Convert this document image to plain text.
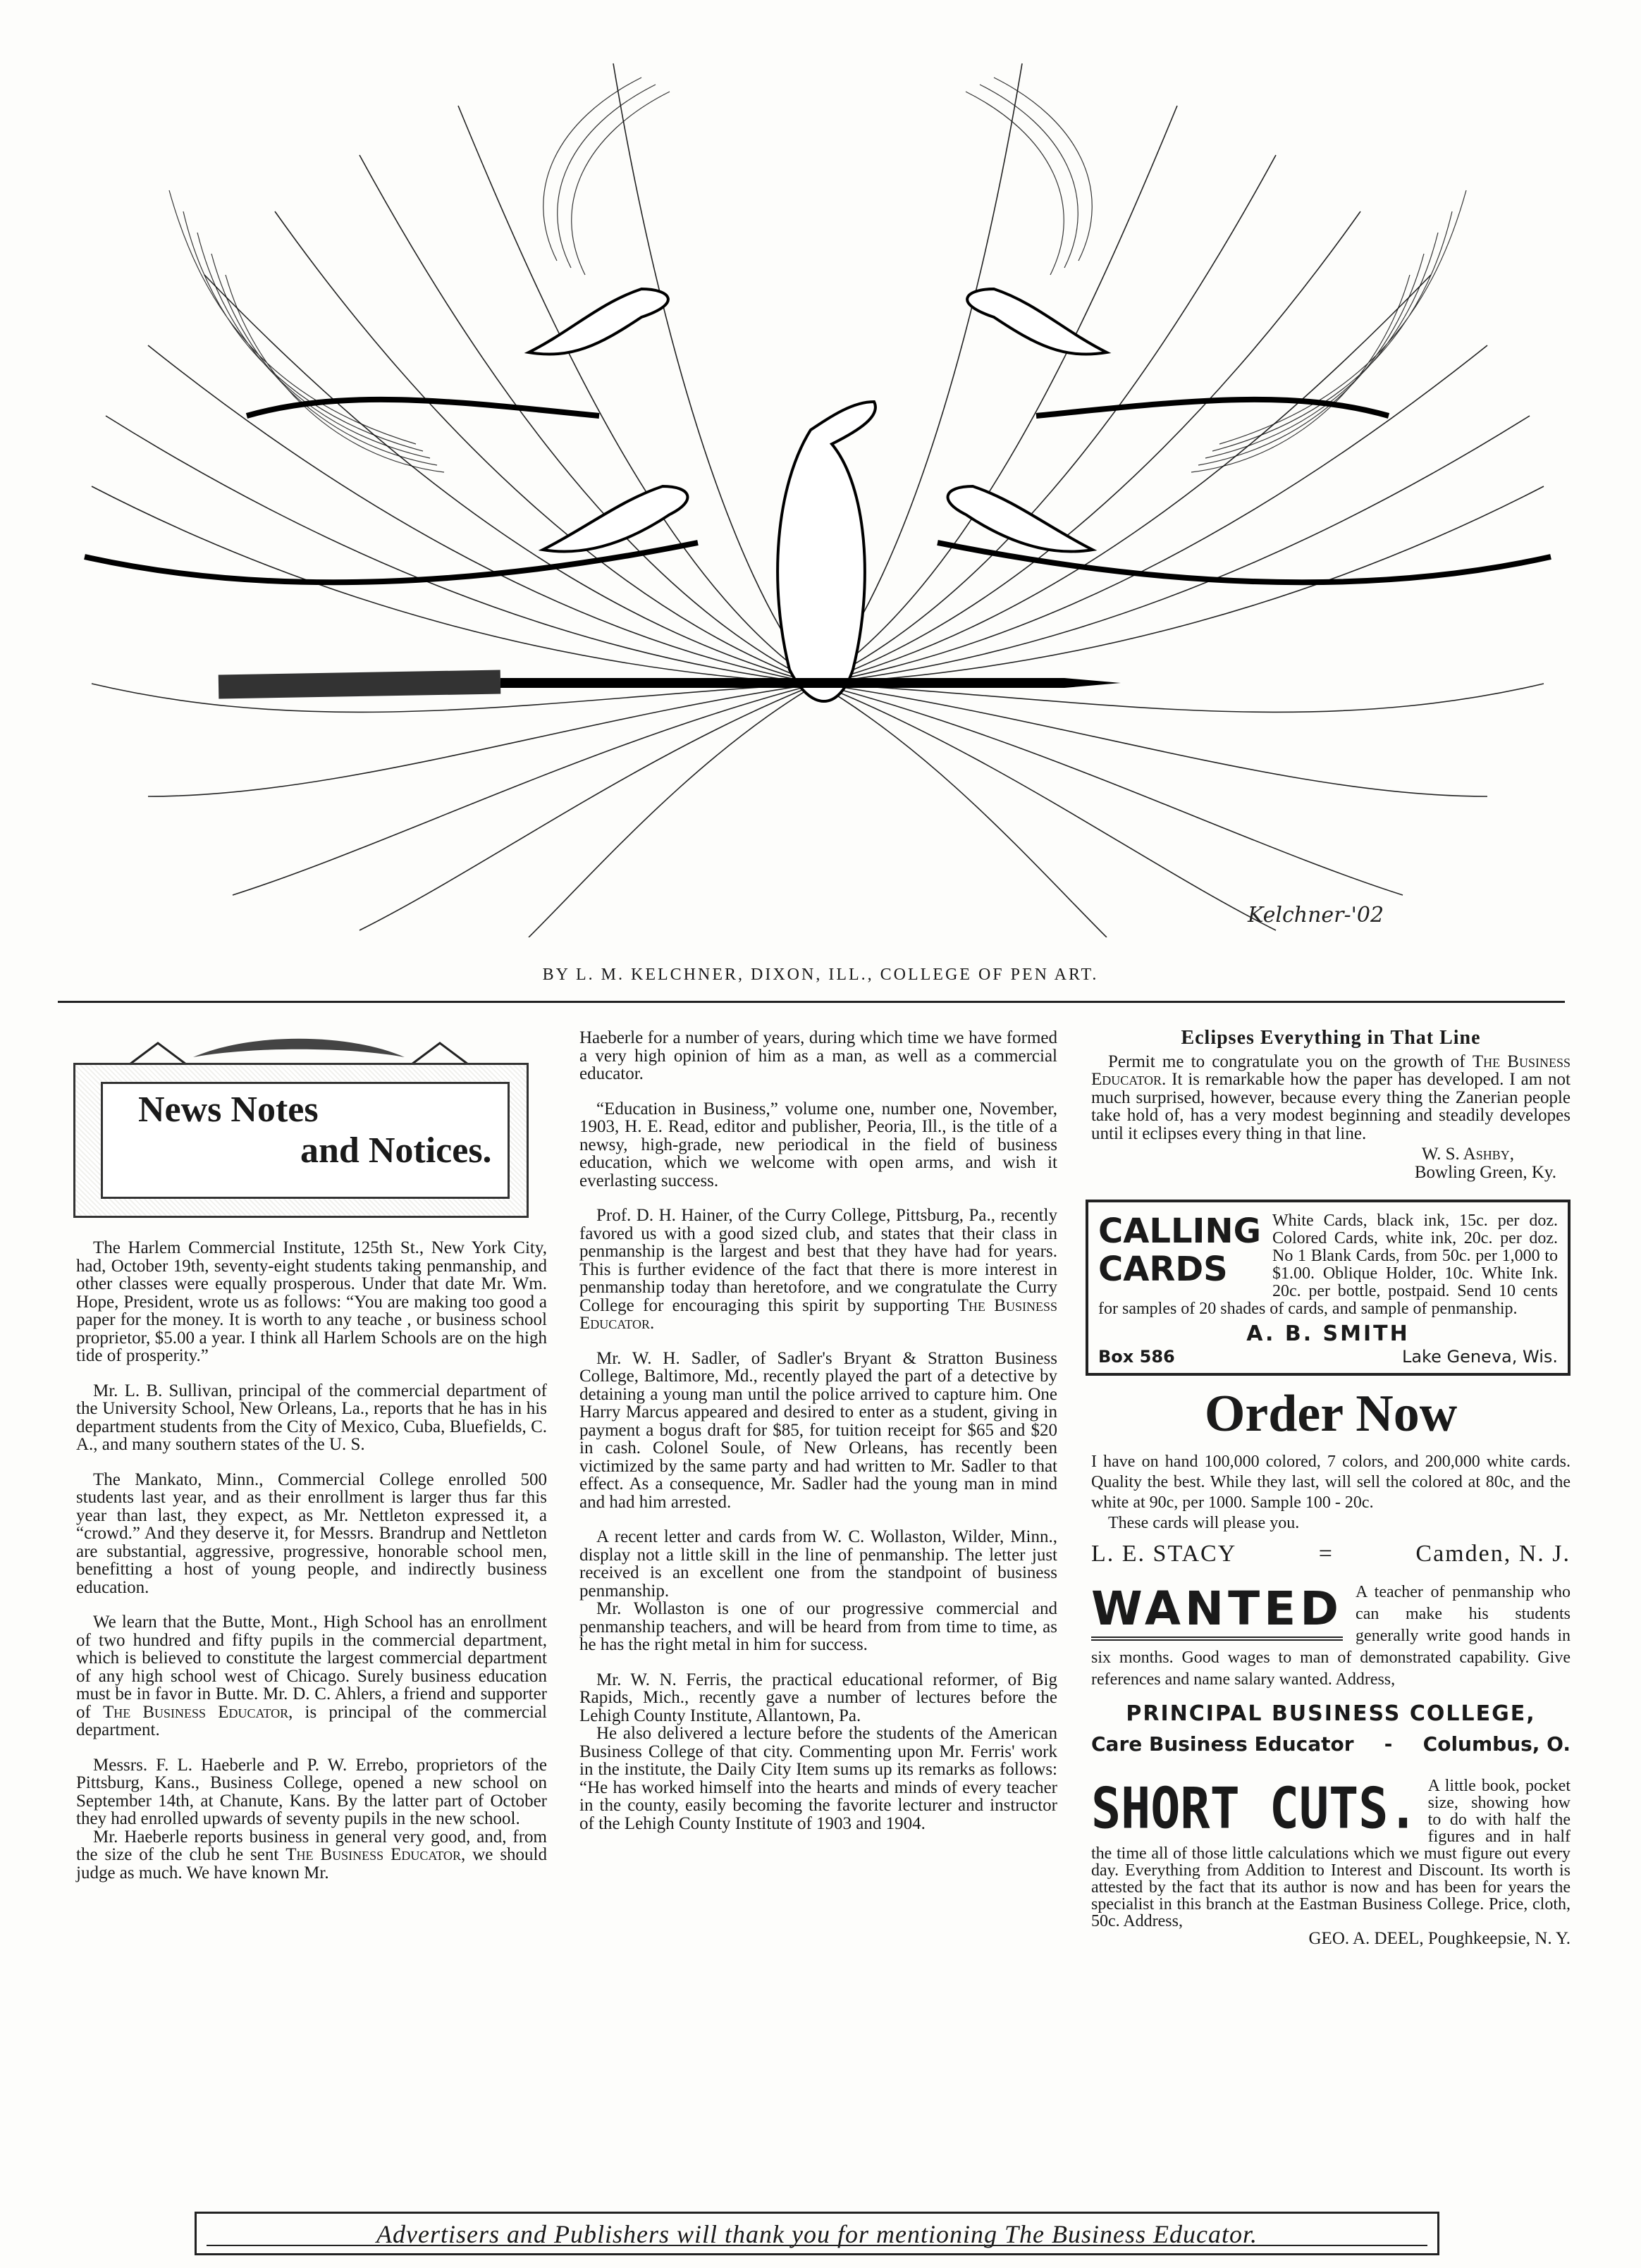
Kelchner-'02
BY L. M. KELCHNER, DIXON, ILL., COLLEGE OF PEN ART.
News Notes
and Notices.

The Harlem Commercial Institute, 125th St., New York City, had, October 19th, seventy-eight students taking penmanship, and other classes were equally prosperous. Under that date Mr. Wm. Hope, President, wrote us as follows: “You are making too good a paper for the money. It is worth to any teache , or business school proprietor, $5.00 a year. I think all Harlem Schools are on the high tide of prosperity.”

Mr. L. B. Sullivan, principal of the commercial department of the University School, New Orleans, La., reports that he has in his department students from the City of Mexico, Cuba, Bluefields, C. A., and many southern states of the U. S.

The Mankato, Minn., Commercial College enrolled 500 students last year, and as their enrollment is larger thus far this year than last, they expect, as Mr. Nettleton expressed it, a “crowd.” And they deserve it, for Messrs. Brandrup and Nettleton are substantial, aggressive, progressive, honorable school men, benefitting a host of young people, and indirectly business education.

We learn that the Butte, Mont., High School has an enrollment of two hundred and fifty pupils in the commercial department, which is believed to constitute the largest commercial department of any high school west of Chicago. Surely business education must be in favor in Butte. Mr. D. C. Ahlers, a friend and supporter of The Business Educator, is principal of the commercial department.

Messrs. F. L. Haeberle and P. W. Errebo, proprietors of the Pittsburg, Kans., Business College, opened a new school on September 14th, at Chanute, Kans. By the latter part of October they had enrolled upwards of seventy pupils in the new school.

Mr. Haeberle reports business in general very good, and, from the size of the club he sent The Business Educator, we should judge as much. We have known Mr.

Haeberle for a number of years, during which time we have formed a very high opinion of him as a man, as well as a commercial educator.

“Education in Business,” volume one, number one, November, 1903, H. E. Read, editor and publisher, Peoria, Ill., is the title of a newsy, high-grade, new periodical in the field of business education, which we welcome with open arms, and wish it everlasting success.

Prof. D. H. Hainer, of the Curry College, Pittsburg, Pa., recently favored us with a good sized club, and states that their class in penmanship is the largest and best that they have had for years. This is further evidence of the fact that there is more interest in penmanship today than heretofore, and we congratulate the Curry College for encouraging this spirit by supporting The Business Educator.

Mr. W. H. Sadler, of Sadler's Bryant & Stratton Business College, Baltimore, Md., recently played the part of a detective by detaining a young man until the police arrived to capture him. One Harry Marcus appeared and desired to enter as a student, giving in payment a bogus draft for $85, for tuition receipt for $65 and $20 in cash. Colonel Soule, of New Orleans, has recently been victimized by the same party and had written to Mr. Sadler to that effect. As a consequence, Mr. Sadler had the young man in mind and had him arrested.

A recent letter and cards from W. C. Wollaston, Wilder, Minn., display not a little skill in the line of penmanship. The letter just received is an excellent one from the standpoint of business penmanship.

Mr. Wollaston is one of our progressive commercial and penmanship teachers, and will be heard from from time to time, as he has the right metal in him for success.

Mr. W. N. Ferris, the practical educational reformer, of Big Rapids, Mich., recently gave a number of lectures before the Lehigh County Institute, Allantown, Pa.

He also delivered a lecture before the students of the American Business College of that city. Commenting upon Mr. Ferris' work in the institute, the Daily City Item sums up its remarks as follows: “He has worked himself into the hearts and minds of every teacher in the county, easily becoming the favorite lecturer and instructor of the Lehigh County Institute of 1903 and 1904.

Eclipses Everything in That Line

Permit me to congratulate you on the growth of The Business Educator. It is remarkable how the paper has developed. I am not much surprised, however, because every thing the Zanerian people take hold of, has a very modest beginning and steadily developes until it eclipses every thing in that line.

W. S. Ashby,
Bowling Green, Ky.
CALLING
CARDS
White Cards, black ink, 15c. per doz. Colored Cards, white ink, 20c. per doz. No 1 Blank Cards, from 50c. per 1,000 to $1.00. Oblique Holder, 10c. White Ink. 20c. per bottle, postpaid. Send 10 cents for samples of 20 shades of cards, and sample of penmanship.
A. B. SMITH
Box 586	Lake Geneva, Wis.
Order Now
I have on hand 100,000 colored, 7 colors, and 200,000 white cards. Quality the best. While they last, will sell the colored at 80c, and the white at 90c, per 1000. Sample 100 - 20c.
These cards will please you.
L. E. STACY	=	Camden, N. J.
WANTED A teacher of penmanship who can make his students generally write good hands in six months. Good wages to man of demonstrated capability. Give references and name salary wanted. Address,
PRINCIPAL BUSINESS COLLEGE,
Care Business Educator - Columbus, O.
SHORT CUTS. A little book, pocket size, showing how to do with half the figures and in half the time all of those little calculations which we must figure out every day. Everything from Addition to Interest and Discount. Its worth is attested by the fact that its author is now and has been for years the specialist in this branch at the Eastman Business College. Price, cloth, 50c. Address,
GEO. A. DEEL, Poughkeepsie, N. Y.
Advertisers and Publishers will thank you for mentioning The Business Educator.
